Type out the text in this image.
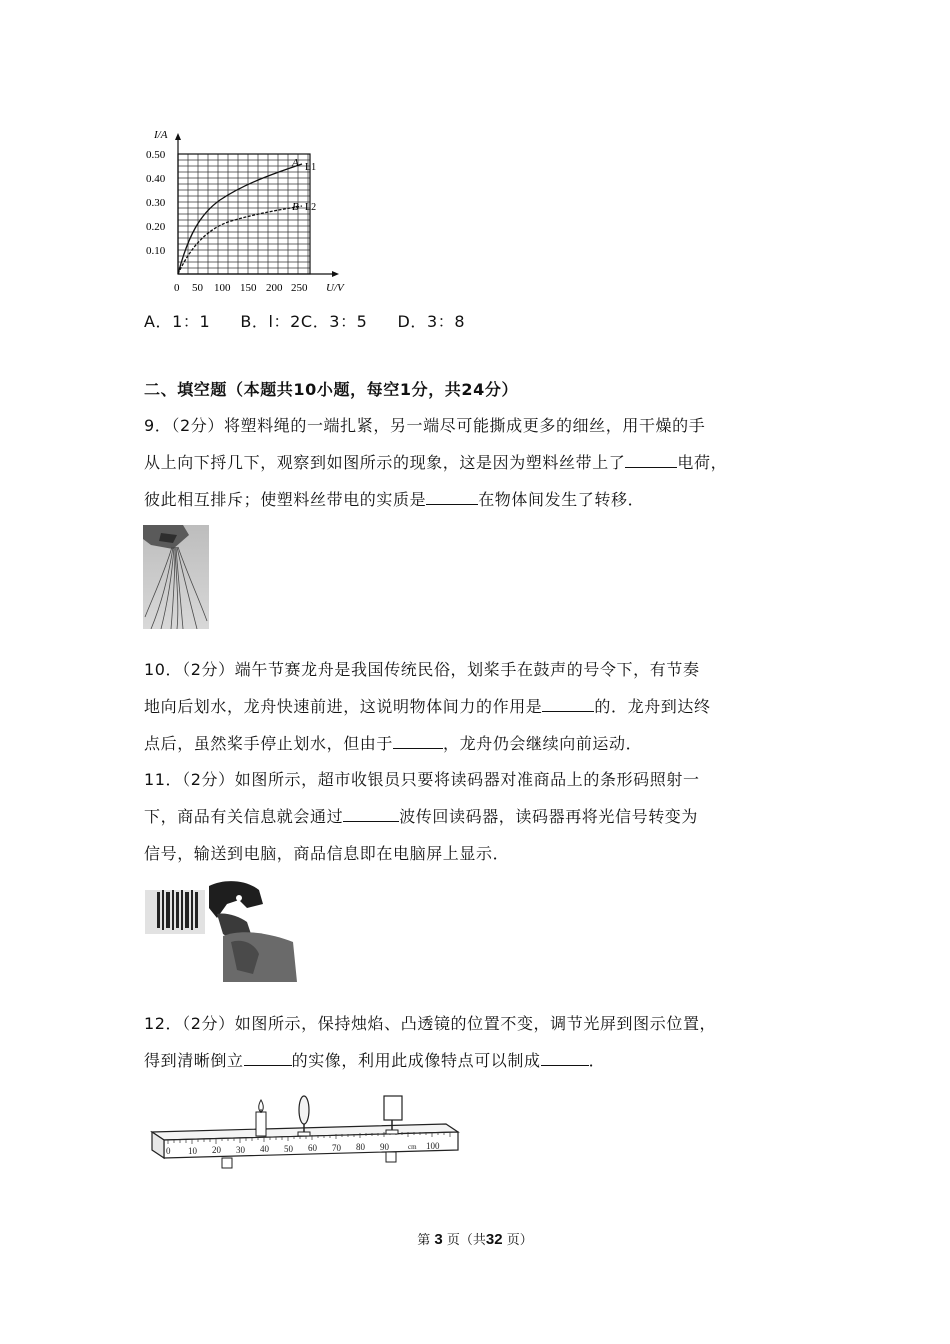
I/A
0.50
0.40
0.30
0.20
0.10
0 50 100 150 200 250 U/V
A L1
B L2
A．1：1 B．l：2C．3：5 D．3：8
二、填空题（本题共10小题，每空1分，共24分）
9．（2分）将塑料绳的一端扎紧，另一端尽可能撕成更多的细丝，用干燥的手
从上向下捋几下，观察到如图所示的现象，这是因为塑料丝带上了	电荷，
彼此相互排斥；使塑料丝带电的实质是	在物体间发生了转移．
10．（2分）端午节赛龙舟是我国传统民俗，划桨手在鼓声的号令下，有节奏
地向后划水，龙舟快速前进，这说明物体间力的作用是	的．龙舟到达终
点后，虽然桨手停止划水，但由于	，龙舟仍会继续向前运动．
11．（2分）如图所示，超市收银员只要将读码器对准商品上的条形码照射一
下，商品有关信息就会通过	波传回读码器，读码器再将光信号转变为
信号，输送到电脑，商品信息即在电脑屏上显示．
12．（2分）如图所示，保持烛焰、凸透镜的位置不变，调节光屏到图示位置，
得到清晰倒立	的实像，利用此成像特点可以制成	．
0 10 20 30 40 50 60 70 80 90	cm 100
第 3 页（共32 页）
